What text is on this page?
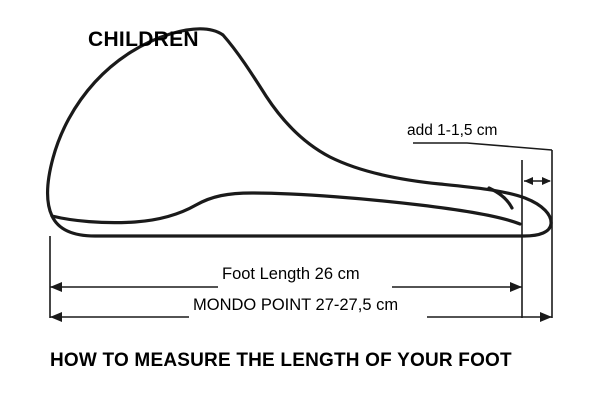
CHILDREN
add 1-1,5 cm
Foot Length 26 cm
MONDO POINT 27-27,5 cm
HOW TO MEASURE THE LENGTH OF YOUR FOOT
